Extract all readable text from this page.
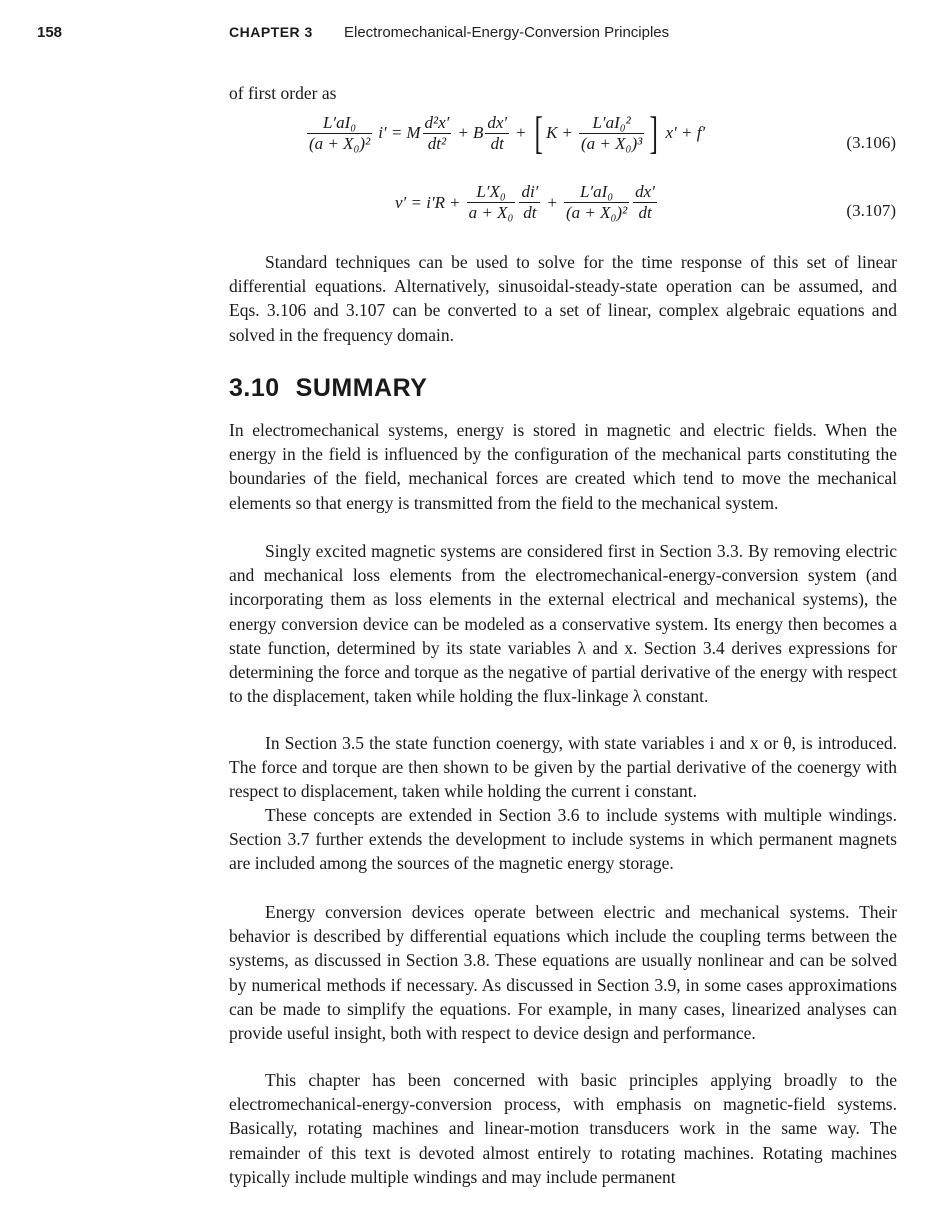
158	CHAPTER 3 Electromechanical-Energy-Conversion Principles
of first order as
$\frac{\text{L′aI₀}}{\text{(a + X₀)²}} i' = M \frac{\text{d²x′}}{\text{dt²}} + B \frac{dx'}{dt}$ + [ $K + \frac{\text{L′aI₀²}}{\text{(a + X₀)³}}$ ] x′ + f′
(3.106)
$v' = i'R + \frac{\text{L′X₀}}{\text{a + X₀}} \frac{di'}{dt} + \frac{\text{L′aI₀}}{\text{(a + X₀)²}} \frac{dx'}{dt}$	(3.107)

Standard techniques can be used to solve for the time response of this set of linear differential equations. Alternatively, sinusoidal-steady-state operation can be assumed, and Eqs. 3.106 and 3.107 can be converted to a set of linear, complex algebraic equations and solved in the frequency domain.

3.10 SUMMARY

In electromechanical systems, energy is stored in magnetic and electric fields. When the energy in the field is influenced by the configuration of the mechanical parts constituting the boundaries of the field, mechanical forces are created which tend to move the mechanical elements so that energy is transmitted from the field to the mechanical system.

Singly excited magnetic systems are considered first in Section 3.3. By removing electric and mechanical loss elements from the electromechanical-energy-conversion system (and incorporating them as loss elements in the external electrical and mechanical systems), the energy conversion device can be modeled as a conservative system. Its energy then becomes a state function, determined by its state variables λ and x. Section 3.4 derives expressions for determining the force and torque as the negative of partial derivative of the energy with respect to the displacement, taken while holding the flux-linkage λ constant.

In Section 3.5 the state function coenergy, with state variables i and x or θ, is introduced. The force and torque are then shown to be given by the partial derivative of the coenergy with respect to displacement, taken while holding the current i constant.

These concepts are extended in Section 3.6 to include systems with multiple windings. Section 3.7 further extends the development to include systems in which permanent magnets are included among the sources of the magnetic energy storage.

Energy conversion devices operate between electric and mechanical systems. Their behavior is described by differential equations which include the coupling terms between the systems, as discussed in Section 3.8. These equations are usually nonlinear and can be solved by numerical methods if necessary. As discussed in Section 3.9, in some cases approximations can be made to simplify the equations. For example, in many cases, linearized analyses can provide useful insight, both with respect to device design and performance.

This chapter has been concerned with basic principles applying broadly to the electromechanical-energy-conversion process, with emphasis on magnetic-field systems. Basically, rotating machines and linear-motion transducers work in the same way. The remainder of this text is devoted almost entirely to rotating machines. Rotating machines typically include multiple windings and may include permanent
